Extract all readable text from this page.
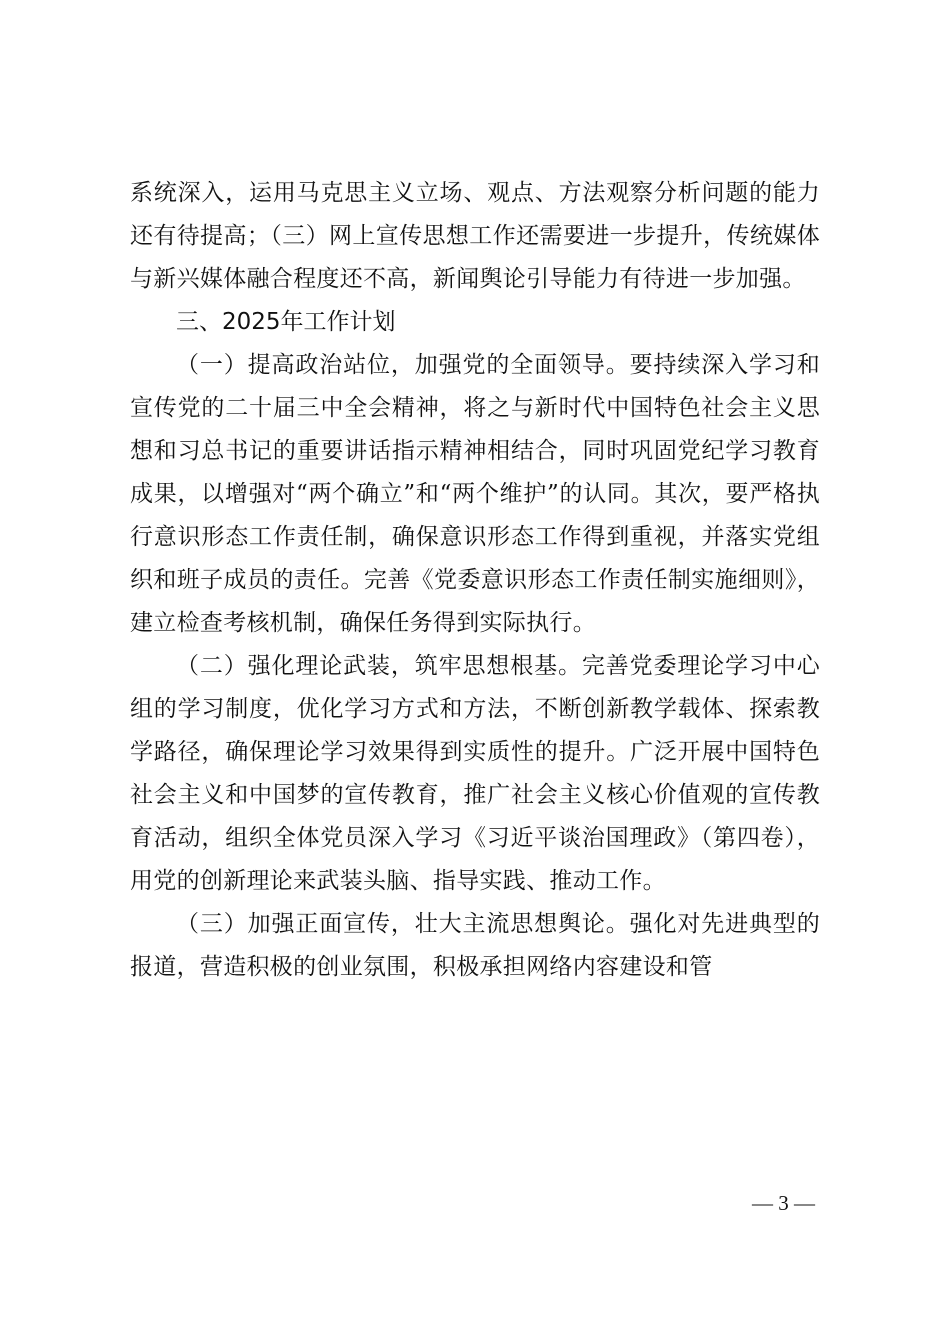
系统深入，运用马克思主义立场、观点、方法观察分析问题的能力还有待提高；（三）网上宣传思想工作还需要进一步提升，传统媒体与新兴媒体融合程度还不高，新闻舆论引导能力有待进一步加强。

三、2025年工作计划

（一）提高政治站位，加强党的全面领导。要持续深入学习和宣传党的二十届三中全会精神，将之与新时代中国特色社会主义思想和习总书记的重要讲话指示精神相结合，同时巩固党纪学习教育成果，以增强对“两个确立”和“两个维护”的认同。其次，要严格执行意识形态工作责任制，确保意识形态工作得到重视，并落实党组织和班子成员的责任。完善《党委意识形态工作责任制实施细则》，建立检查考核机制，确保任务得到实际执行。

（二）强化理论武装，筑牢思想根基。完善党委理论学习中心组的学习制度，优化学习方式和方法，不断创新教学载体、探索教学路径，确保理论学习效果得到实质性的提升。广泛开展中国特色社会主义和中国梦的宣传教育，推广社会主义核心价值观的宣传教育活动，组织全体党员深入学习《习近平谈治国理政》（第四卷），用党的创新理论来武装头脑、指导实践、推动工作。

（三）加强正面宣传，壮大主流思想舆论。强化对先进典型的报道，营造积极的创业氛围，积极承担网络内容建设和管

— 3 —
